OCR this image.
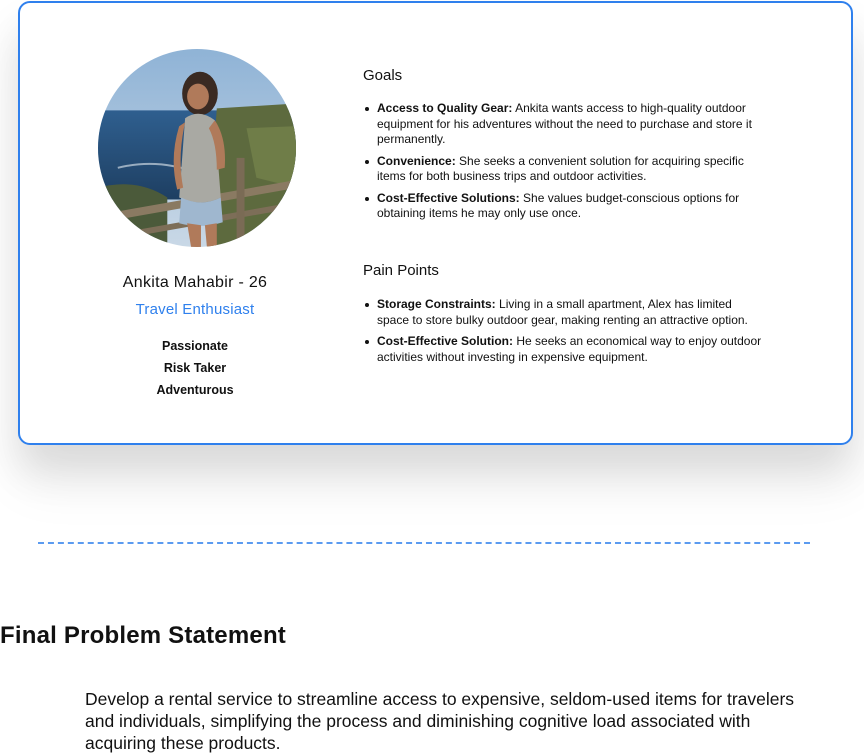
Ankita Mahabir - 26
Travel Enthusiast
Passionate
Risk Taker
Adventurous
Goals
Access to Quality Gear: Ankita wants access to high-quality outdoor equipment for his adventures without the need to purchase and store it permanently.
Convenience: She seeks a convenient solution for acquiring specific items for both business trips and outdoor activities.
Cost-Effective Solutions: She values budget-conscious options for obtaining items he may only use once.
Pain Points
Storage Constraints: Living in a small apartment, Alex has limited space to store bulky outdoor gear, making renting an attractive option.
Cost-Effective Solution: He seeks an economical way to enjoy outdoor activities without investing in expensive equipment.
Final Problem Statement
Develop a rental service to streamline access to expensive, seldom-used items for travelers and individuals, simplifying the process and diminishing cognitive load associated with acquiring these products.
